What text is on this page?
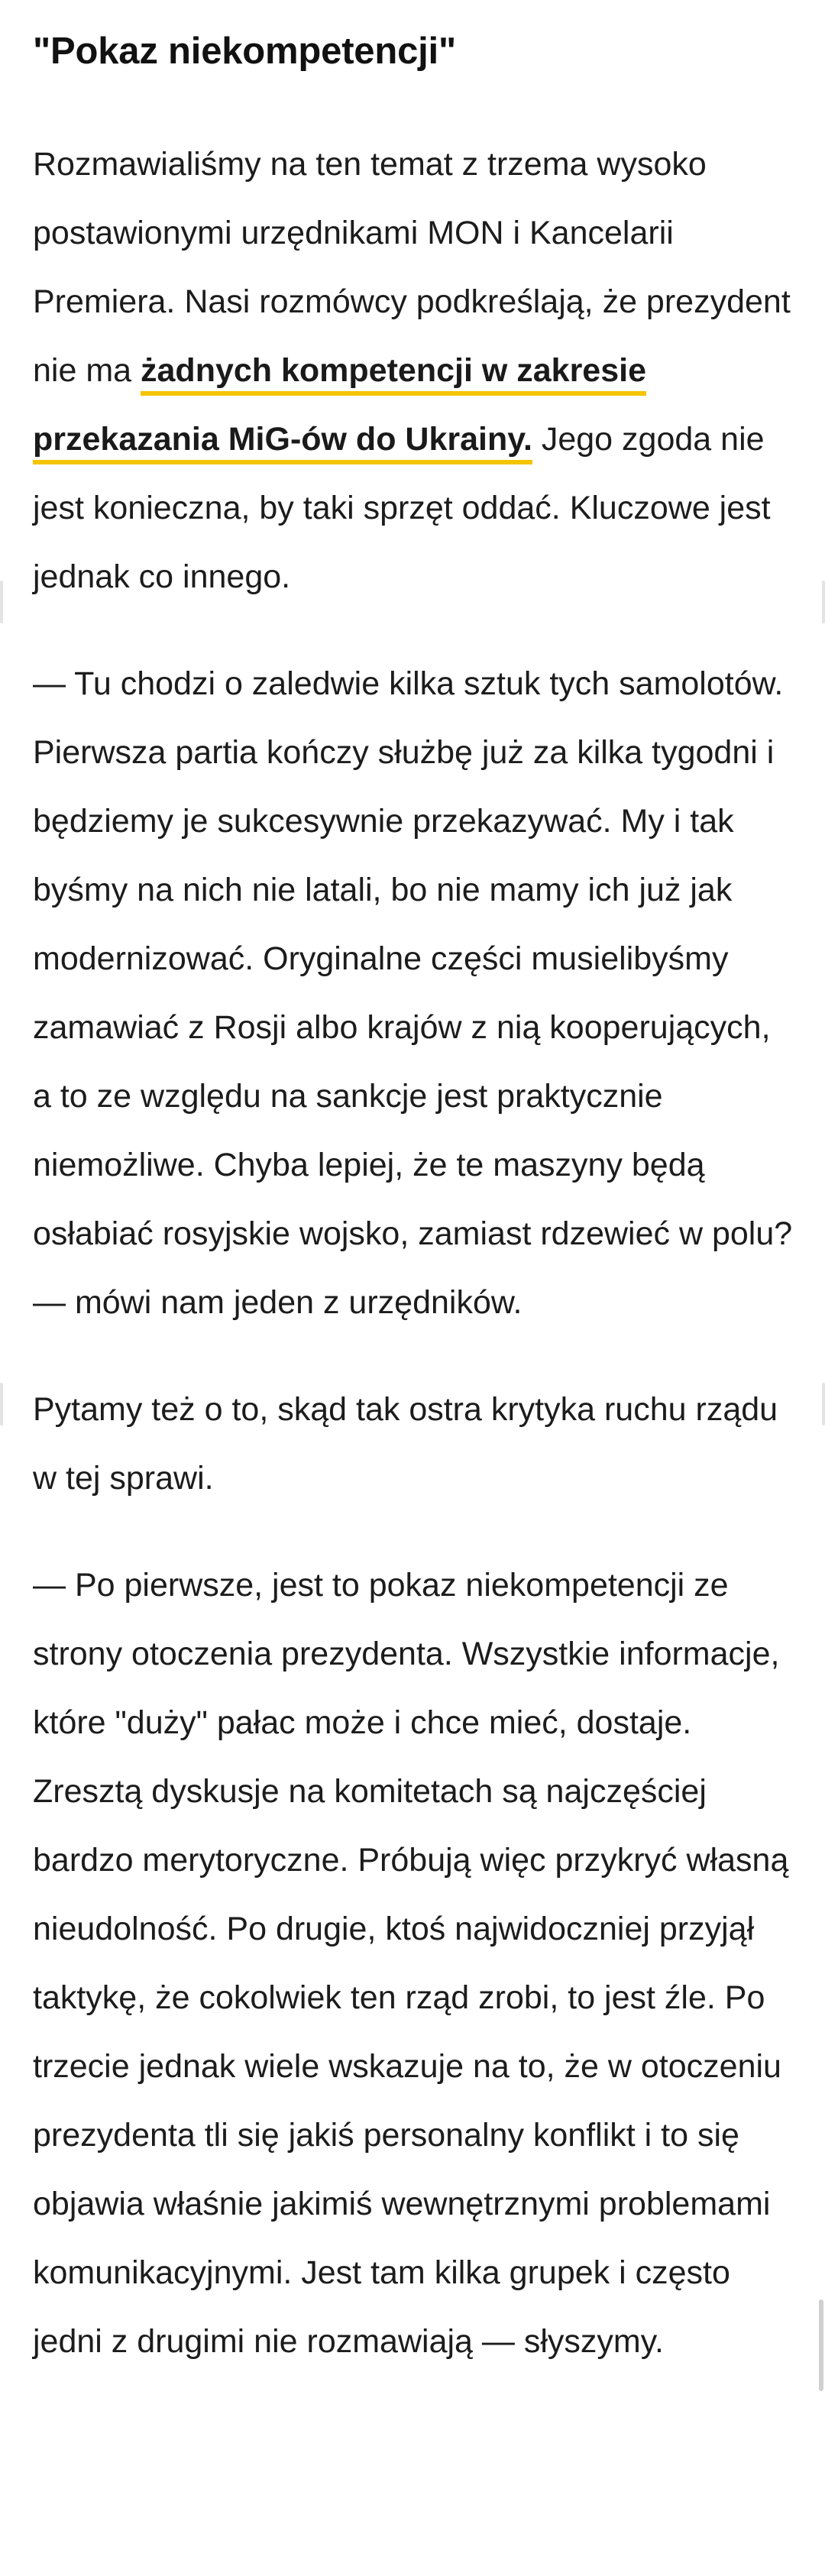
"Pokaz niekompetencji"

Rozmawialiśmy na ten temat z trzema wysoko postawionymi urzędnikami MON i Kancelarii Premiera. Nasi rozmówcy podkreślają, że prezydent nie ma żadnych kompetencji w zakresie przekazania MiG-ów do Ukrainy. Jego zgoda nie jest konieczna, by taki sprzęt oddać. Kluczowe jest jednak co innego.

— Tu chodzi o zaledwie kilka sztuk tych samolotów. Pierwsza partia kończy służbę już za kilka tygodni i będziemy je sukcesywnie przekazywać. My i tak byśmy na nich nie latali, bo nie mamy ich już jak modernizować. Oryginalne części musielibyśmy zamawiać z Rosji albo krajów z nią kooperujących, a to ze względu na sankcje jest praktycznie niemożliwe. Chyba lepiej, że te maszyny będą osłabiać rosyjskie wojsko, zamiast rdzewieć w polu? — mówi nam jeden z urzędników.

Pytamy też o to, skąd tak ostra krytyka ruchu rządu w tej sprawi.

— Po pierwsze, jest to pokaz niekompetencji ze strony otoczenia prezydenta. Wszystkie informacje, które "duży" pałac może i chce mieć, dostaje. Zresztą dyskusje na komitetach są najczęściej bardzo merytoryczne. Próbują więc przykryć własną nieudolność. Po drugie, ktoś najwidoczniej przyjął taktykę, że cokolwiek ten rząd zrobi, to jest źle. Po trzecie jednak wiele wskazuje na to, że w otoczeniu prezydenta tli się jakiś personalny konflikt i to się objawia właśnie jakimiś wewnętrznymi problemami komunikacyjnymi. Jest tam kilka grupek i często jedni z drugimi nie rozmawiają — słyszymy.
